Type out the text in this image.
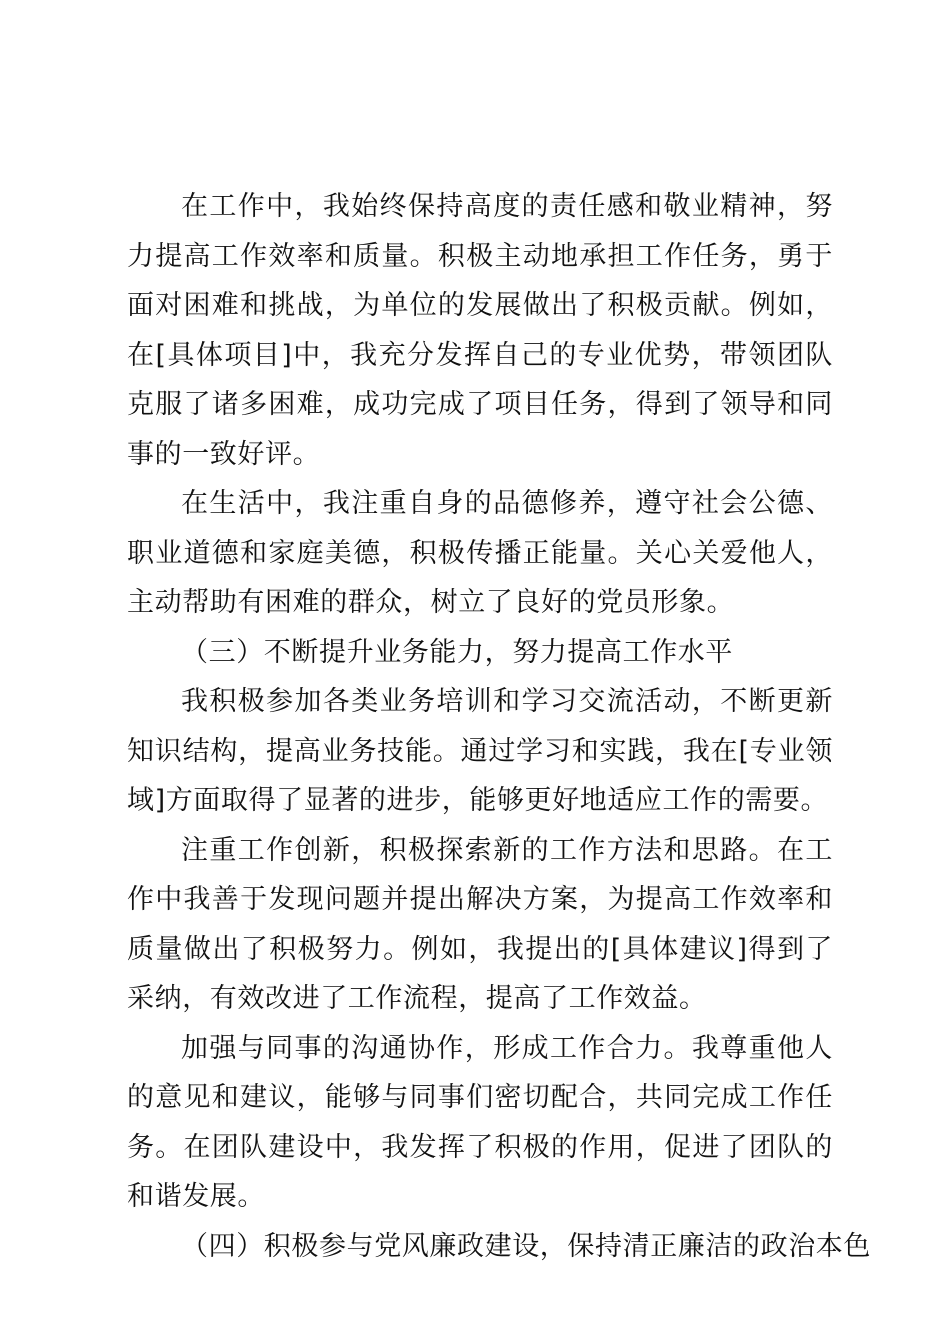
在工作中，我始终保持高度的责任感和敬业精神，努力提高工作效率和质量。积极主动地承担工作任务，勇于面对困难和挑战，为单位的发展做出了积极贡献。例如，在[具体项目]中，我充分发挥自己的专业优势，带领团队克服了诸多困难，成功完成了项目任务，得到了领导和同事的一致好评。

在生活中，我注重自身的品德修养，遵守社会公德、职业道德和家庭美德，积极传播正能量。关心关爱他人，主动帮助有困难的群众，树立了良好的党员形象。

（三）不断提升业务能力，努力提高工作水平

我积极参加各类业务培训和学习交流活动，不断更新知识结构，提高业务技能。通过学习和实践，我在[专业领域]方面取得了显著的进步，能够更好地适应工作的需要。

注重工作创新，积极探索新的工作方法和思路。在工作中我善于发现问题并提出解决方案，为提高工作效率和质量做出了积极努力。例如，我提出的[具体建议]得到了采纳，有效改进了工作流程，提高了工作效益。

加强与同事的沟通协作，形成工作合力。我尊重他人的意见和建议，能够与同事们密切配合，共同完成工作任务。在团队建设中，我发挥了积极的作用，促进了团队的和谐发展。

（四）积极参与党风廉政建设，保持清正廉洁的政治本色
